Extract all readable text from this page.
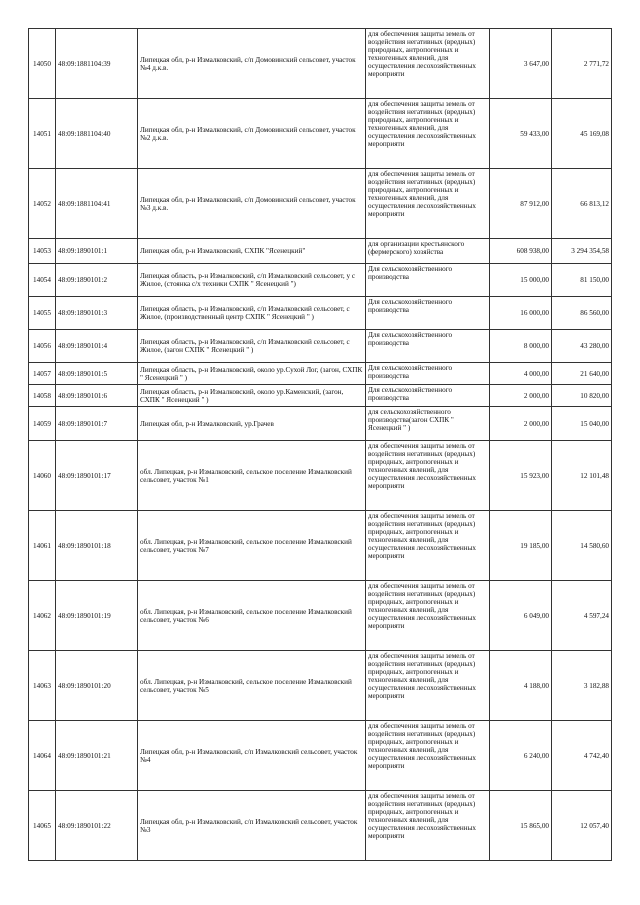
14050	48:09:1881104:39	Липецкая обл, р-н Измалковский, с/п Домовинский сельсовет, участок №4 д.к.в.	для обеспечения защиты земель от воздействия негативных (вредных) природных, антропогенных и техногенных явлений, для осуществления лесохозяйственных мероприяти	3 647,00	2 771,72
14051	48:09:1881104:40	Липецкая обл, р-н Измалковский, с/п Домовинский сельсовет, участок №2 д.к.в.	для обеспечения защиты земель от воздействия негативных (вредных) природных, антропогенных и техногенных явлений, для осуществления лесохозяйственных мероприяти	59 433,00	45 169,08
14052	48:09:1881104:41	Липецкая обл, р-н Измалковский, с/п Домовинский сельсовет, участок №3 д.к.в.	для обеспечения защиты земель от воздействия негативных (вредных) природных, антропогенных и техногенных явлений, для осуществления лесохозяйственных мероприяти	87 912,00	66 813,12
14053	48:09:1890101:1	Липецкая обл, р-н Измалковский, СХПК "Ясенецкий"	для организации крестьянского (фермерского) хозяйства	608 938,00	3 294 354,58
14054	48:09:1890101:2	Липецкая область, р-н Измалковский, с/п Измалковский сельсовет, у с Жилое, (стоянка с/х техники СХПК " Ясенецкий ")	Для сельскохозяйственного производства	15 000,00	81 150,00
14055	48:09:1890101:3	Липецкая область, р-н Измалковский, с/п Измалковский сельсовет, с Жилое, (производственный центр СХПК " Ясенецкий " )	Для сельскохозяйственного производства	16 000,00	86 560,00
14056	48:09:1890101:4	Липецкая область, р-н Измалковский, с/п Измалковский сельсовет, с Жилое, (загон СХПК " Ясенецкий " )	Для сельскохозяйственного производства	8 000,00	43 280,00
14057	48:09:1890101:5	Липецкая область, р-н Измалковский, около ур.Сухой Лог, (загон, СХПК " Ясенецкий " )	Для сельскохозяйственного производства	4 000,00	21 640,00
14058	48:09:1890101:6	Липецкая область, р-н Измалковский, около ур.Каменский, (загон, СХПК " Ясенецкий " )	Для сельскохозяйственного производства	2 000,00	10 820,00
14059	48:09:1890101:7	Липецкая обл, р-н Измалковский, ур.Грачев	для сельскохозяйственного производства(загон СХПК " Ясенецкий " )	2 000,00	15 040,00
14060	48:09:1890101:17	обл. Липецкая, р-н Измалковский, сельское поселение Измалковский сельсовет, участок №1	для обеспечения защиты земель от воздействия негативных (вредных) природных, антропогенных и техногенных явлений, для осуществления лесохозяйственных мероприяти	15 923,00	12 101,48
14061	48:09:1890101:18	обл. Липецкая, р-н Измалковский, сельское поселение Измалковский сельсовет, участок №7	для обеспечения защиты земель от воздействия негативных (вредных) природных, антропогенных и техногенных явлений, для осуществления лесохозяйственных мероприяти	19 185,00	14 580,60
14062	48:09:1890101:19	обл. Липецкая, р-н Измалковский, сельское поселение Измалковский сельсовет, участок №6	для обеспечения защиты земель от воздействия негативных (вредных) природных, антропогенных и техногенных явлений, для осуществления лесохозяйственных мероприяти	6 049,00	4 597,24
14063	48:09:1890101:20	обл. Липецкая, р-н Измалковский, сельское поселение Измалковский сельсовет, участок №5	для обеспечения защиты земель от воздействия негативных (вредных) природных, антропогенных и техногенных явлений, для осуществления лесохозяйственных мероприяти	4 188,00	3 182,88
14064	48:09:1890101:21	Липецкая обл, р-н Измалковский, с/п Измалковский сельсовет, участок №4	для обеспечения защиты земель от воздействия негативных (вредных) природных, антропогенных и техногенных явлений, для осуществления лесохозяйственных мероприяти	6 240,00	4 742,40
14065	48:09:1890101:22	Липецкая обл, р-н Измалковский, с/п Измалковский сельсовет, участок №3	для обеспечения защиты земель от воздействия негативных (вредных) природных, антропогенных и техногенных явлений, для осуществления лесохозяйственных мероприяти	15 865,00	12 057,40
